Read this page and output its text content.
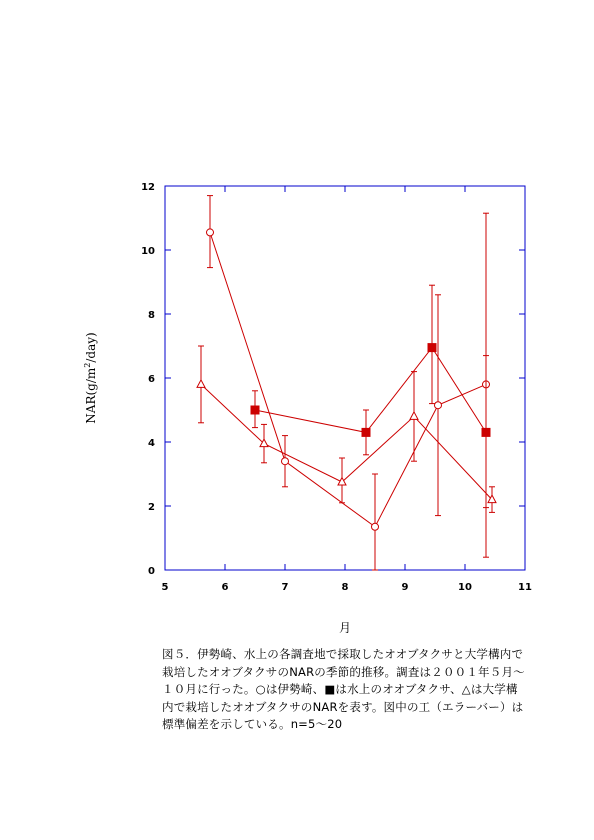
5	6	7	8	9	10	11
0
2
4
6
8
10
12
月
$NAR(g/m^2/day)$
図５．伊勢崎、水上の各調査地で採取したオオブタクサと大学構内で
栽培したオオブタクサのNARの季節的推移。調査は２００１年５月〜
１０月に行った。○は伊勢崎、■は水上のオオブタクサ、△は大学構
内で栽培したオオブタクサのNARを表す。図中の工（エラーバー）は
標準偏差を示している。n=5〜20
